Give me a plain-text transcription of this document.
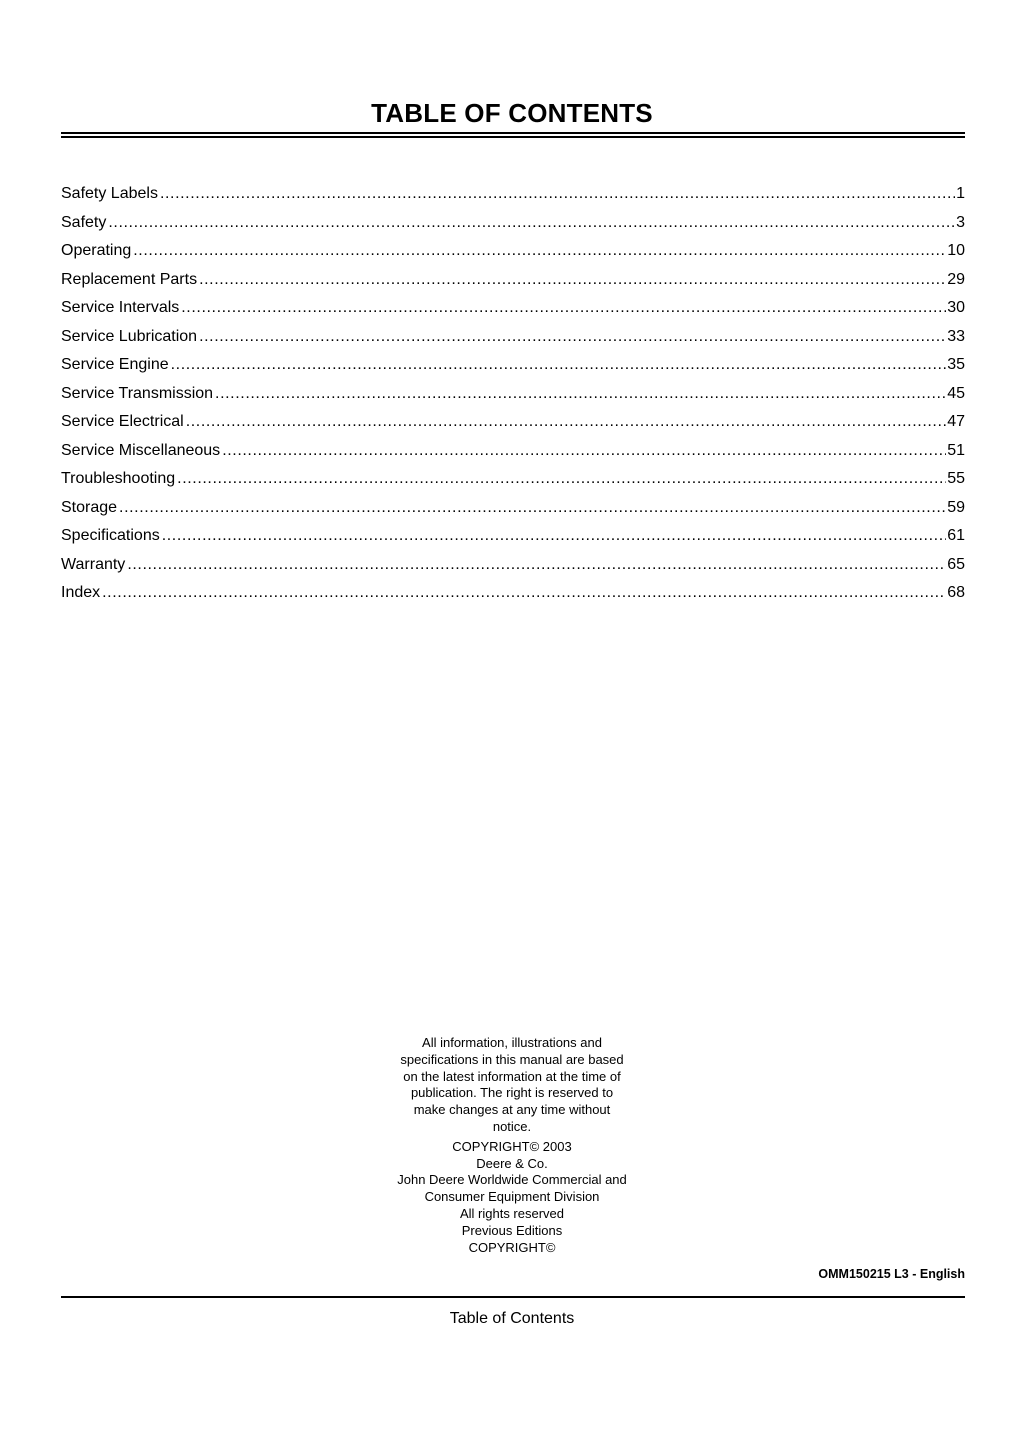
TABLE OF CONTENTS
Safety Labels .....	1
Safety .....	3
Operating .....	10
Replacement Parts .....	29
Service Intervals .....	30
Service Lubrication .....	33
Service Engine .....	35
Service Transmission .....	45
Service Electrical .....	47
Service Miscellaneous .....	51
Troubleshooting .....	55
Storage .....	59
Specifications .....	61
Warranty .....	65
Index .....	68

All information, illustrations and

specifications in this manual are based

on the latest information at the time of

publication. The right is reserved to

make changes at any time without

notice.

COPYRIGHT© 2003

Deere & Co.

John Deere Worldwide Commercial and

Consumer Equipment Division

All rights reserved

Previous Editions

COPYRIGHT©

OMM150215 L3 - English
Table of Contents
